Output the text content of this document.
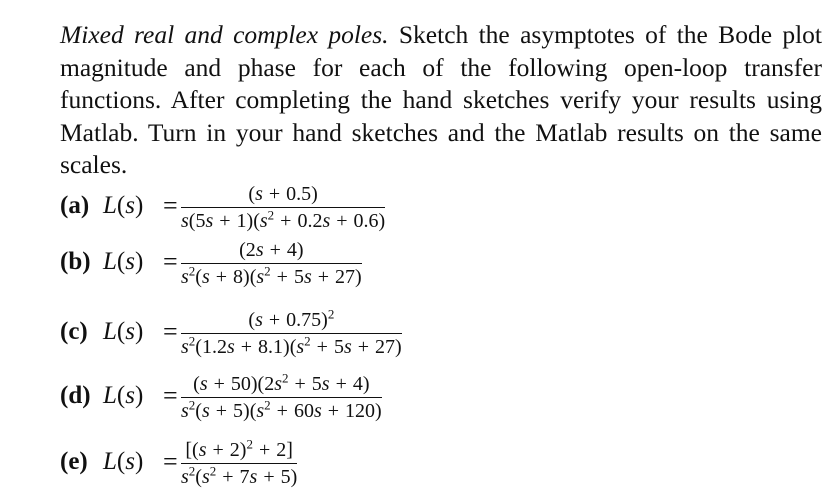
Mixed real and complex poles. Sketch the asymptotes of the Bode plot magnitude and phase for each of the following open-loop transfer functions. After completing the hand sketches verify your results using Matlab. Turn in your hand sketches and the Matlab results on the same scales.

(a) L(s) =	(s + 0.5)
$s(5s + 1)(s^2 + 0.2s + 0.6)$
(b) L(s) =	(2s + 4)
$s^2(s + 8)(s^2 + 5s + 27)$
(c) L(s) =	$(s + 0.75)^2$
$s^2(1.2s + 8.1)(s^2 + 5s + 27)$
(d) $L(s) = (s + 50)(2s^2 + 5s + 4)$
$s^2(s + 5)(s^2 + 60s + 120)$
(e) $L(s) = [(s + 2)^2 + 2]$
$s^2(s^2 + 7s + 5)$
